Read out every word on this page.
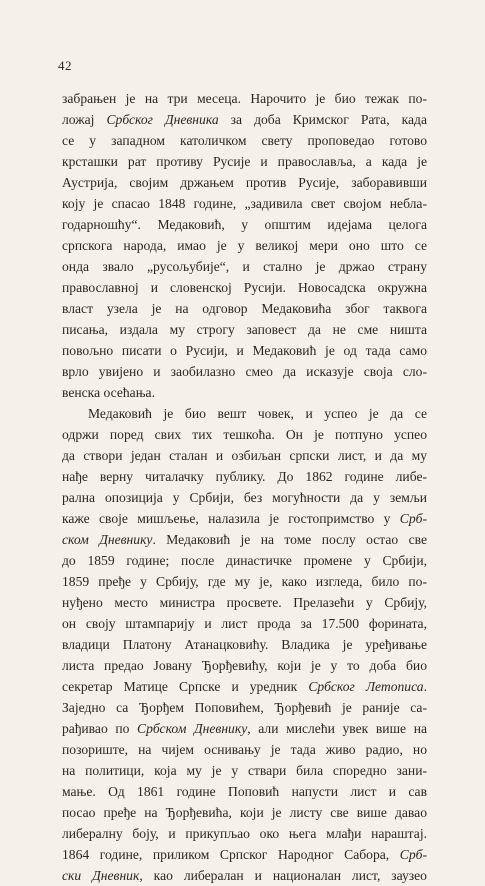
42
забрањен је на три месеца. Нарочито је био тежак по-
ложај Србског Дневника за доба Кримског Рата, када
се у западном католичком свету проповедао готово
крсташки рат противу Русије и православља, а када је
Аустрија, својим држањем против Русије, заборавивши
коју је спасао 1848 године, „задивила свет својом небла-
годарношћу“. Медаковић, у општим идејама целога
српскога народа, имао је у великој мери оно што се
онда звало „русољубије“, и стално је држао страну
православној и словенској Русији. Новосадска окружна
власт узела је на одговор Медаковића због таквога
писања, издала му строгу заповест да не сме ништа
повољно писати о Русији, и Медаковић је од тада само
врло увијено и заобилазно смео да исказује своја сло-
венска осећања.
Медаковић је био вешт човек, и успео је да се
одржи поред свих тих тешкоћа. Он је потпуно успео
да створи један сталан и озбиљан српски лист, и да му
нађе верну читалачку публику. До 1862 године либе-
рална опозиција у Србији, без могућности да у земљи
каже своје мишљење, налазила је гостопримство у Срб-
ском Дневнику. Медаковић је на томе послу остао све
до 1859 године; после династичке промене у Србији,
1859 пређе у Србију, где му је, како изгледа, било по-
нуђено место министра просвете. Прелазећи у Србију,
он своју штампарију и лист прода за 17.500 форината,
владици Платону Атанацковићу. Владика је уређивање
листа предао Јовану Ђорђевићу, који је у то доба био
секретар Матице Српске и уредник Србског Летописа.
Заједно са Ђорђем Поповићем, Ђорђевић је раније са-
рађивао по Србском Дневнику, али мислећи увек више на
позориште, на чијем оснивању је тада живо радио, но
на политици, која му је у ствари била споредно зани-
мање. Од 1861 године Поповић напусти лист и сав
посао пређе на Ђорђевића, који је листу све више давао
либералну боју, и прикупљао око њега млађи нараштај.
1864 године, приликом Српског Народног Сабора, Срб-
ски Дневник, као либералан и националан лист, заузео
